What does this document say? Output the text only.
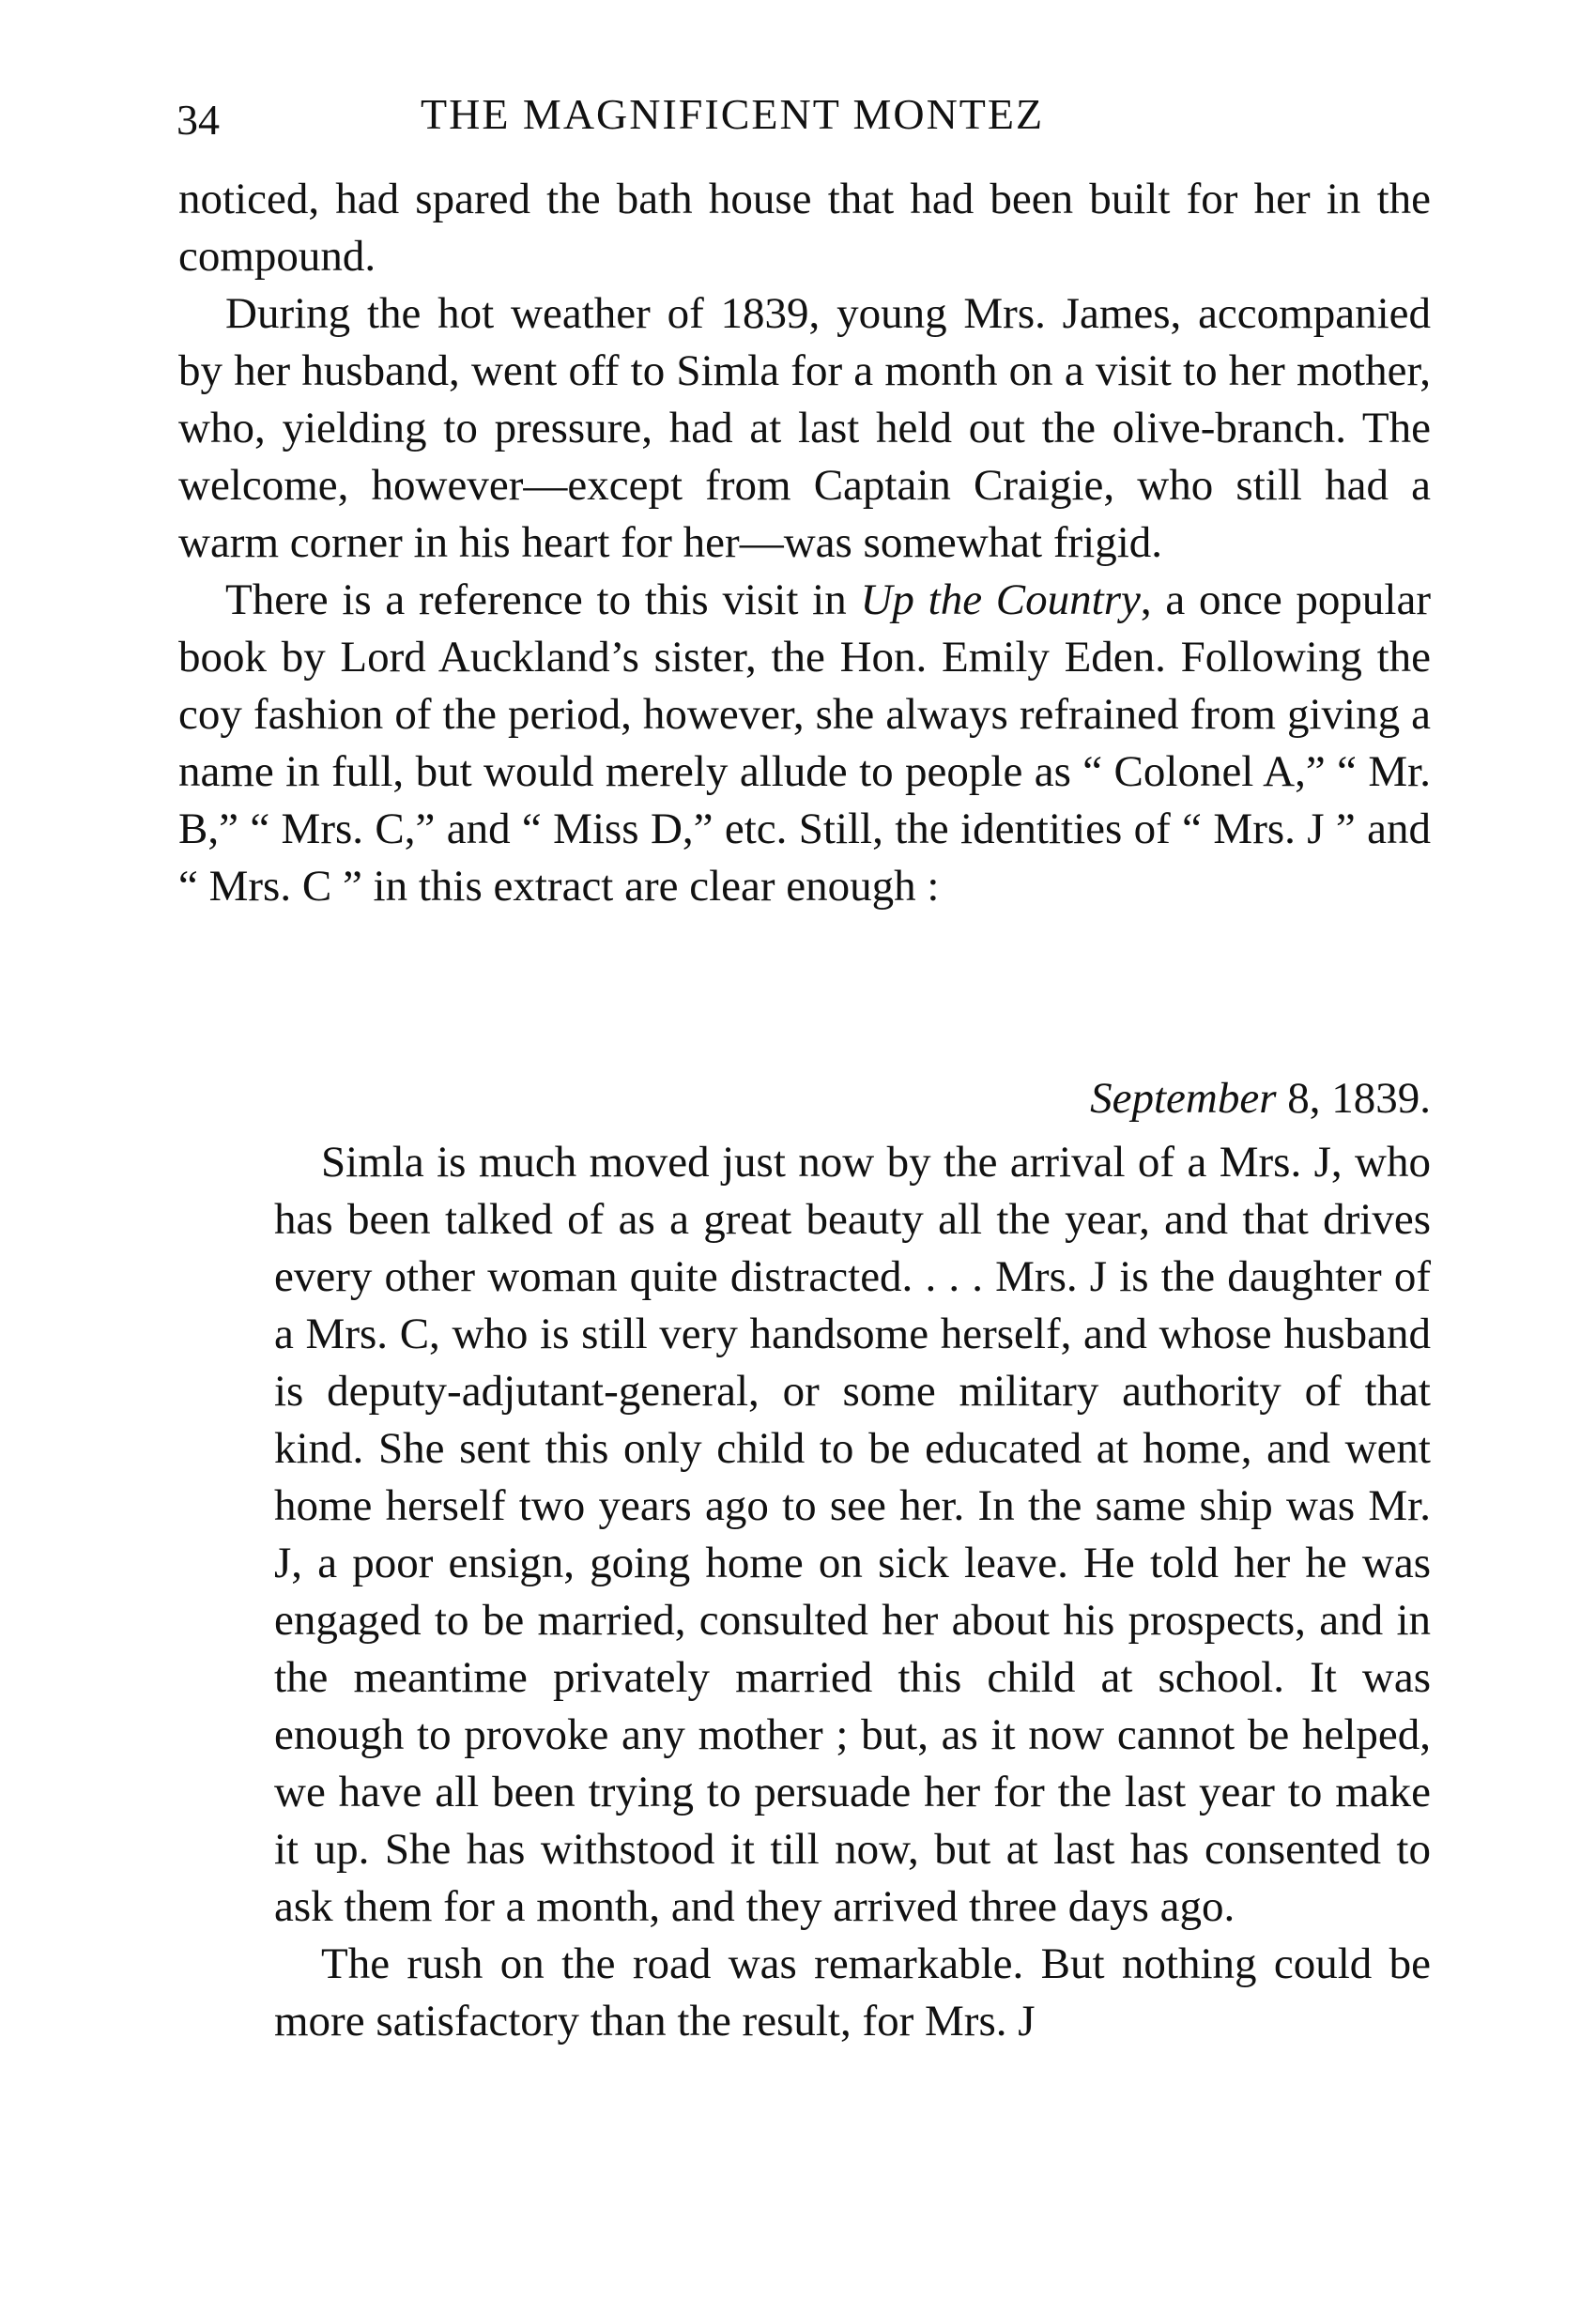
34	THE MAGNIFICENT MONTEZ

noticed, had spared the bath house that had been built for her in the compound.

During the hot weather of 1839, young Mrs. James, accompanied by her husband, went off to Simla for a month on a visit to her mother, who, yielding to pressure, had at last held out the olive-branch. The welcome, however—except from Captain Craigie, who still had a warm corner in his heart for her—was somewhat frigid.

There is a reference to this visit in Up the Country, a once popular book by Lord Auckland’s sister, the Hon. Emily Eden. Following the coy fashion of the period, however, she always refrained from giving a name in full, but would merely allude to people as “ Colonel A,” “ Mr. B,” “ Mrs. C,” and “ Miss D,” etc. Still, the identities of “ Mrs. J ” and “ Mrs. C ” in this extract are clear enough :

September 8, 1839.

Simla is much moved just now by the arrival of a Mrs. J, who has been talked of as a great beauty all the year, and that drives every other woman quite distracted. . . . Mrs. J is the daughter of a Mrs. C, who is still very handsome herself, and whose husband is deputy-adjutant-general, or some military authority of that kind. She sent this only child to be educated at home, and went home herself two years ago to see her. In the same ship was Mr. J, a poor ensign, going home on sick leave. He told her he was engaged to be married, consulted her about his prospects, and in the meantime privately married this child at school. It was enough to provoke any mother ; but, as it now cannot be helped, we have all been trying to persuade her for the last year to make it up. She has withstood it till now, but at last has consented to ask them for a month, and they arrived three days ago.

The rush on the road was remarkable. But nothing could be more satisfactory than the result, for Mrs. J
